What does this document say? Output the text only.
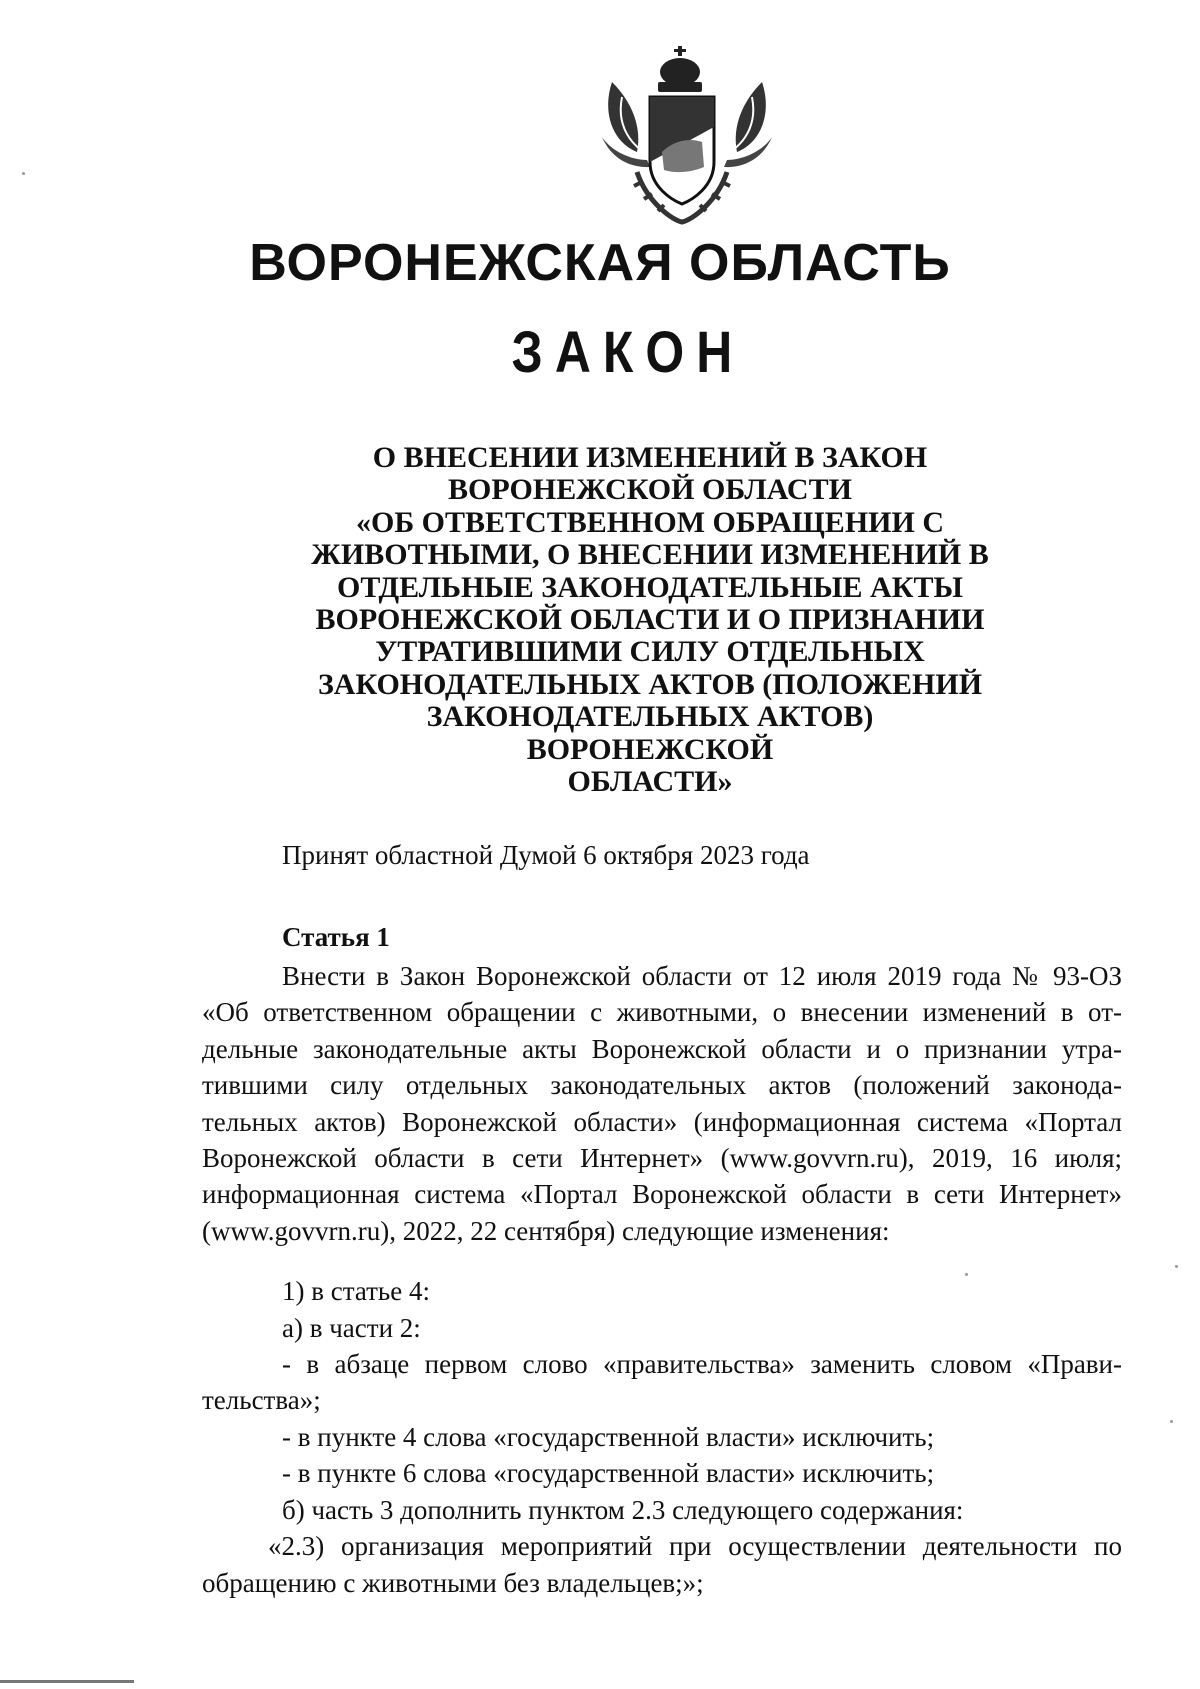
ВОРОНЕЖСКАЯ ОБЛАСТЬ
ЗАКОН
О ВНЕСЕНИИ ИЗМЕНЕНИЙ В ЗАКОН
ВОРОНЕЖСКОЙ ОБЛАСТИ
«ОБ ОТВЕТСТВЕННОМ ОБРАЩЕНИИ С
ЖИВОТНЫМИ, О ВНЕСЕНИИ ИЗМЕНЕНИЙ В
ОТДЕЛЬНЫЕ ЗАКОНОДАТЕЛЬНЫЕ АКТЫ
ВОРОНЕЖСКОЙ ОБЛАСТИ И О ПРИЗНАНИИ
УТРАТИВШИМИ СИЛУ ОТДЕЛЬНЫХ
ЗАКОНОДАТЕЛЬНЫХ АКТОВ (ПОЛОЖЕНИЙ
ЗАКОНОДАТЕЛЬНЫХ АКТОВ) ВОРОНЕЖСКОЙ
ОБЛАСТИ»
Принят областной Думой 6 октября 2023 года
Статья 1
Внести в Закон Воронежской области от 12 июля 2019 года № 93-ОЗ
«Об ответственном обращении с животными, о внесении изменений в от-
дельные законодательные акты Воронежской области и о признании утра-
тившими силу отдельных законодательных актов (положений законода-
тельных актов) Воронежской области» (информационная система «Портал
Воронежской области в сети Интернет» (www.govvrn.ru), 2019, 16 июля;
информационная система «Портал Воронежской области в сети Интернет»
(www.govvrn.ru), 2022, 22 сентября) следующие изменения:
1) в статье 4:
а) в части 2:
- в абзаце первом слово «правительства» заменить словом «Прави-
тельства»;
- в пункте 4 слова «государственной власти» исключить;
- в пункте 6 слова «государственной власти» исключить;
б) часть 3 дополнить пунктом 2.3 следующего содержания:
«2.3) организация мероприятий при осуществлении деятельности по
обращению с животными без владельцев;»;
